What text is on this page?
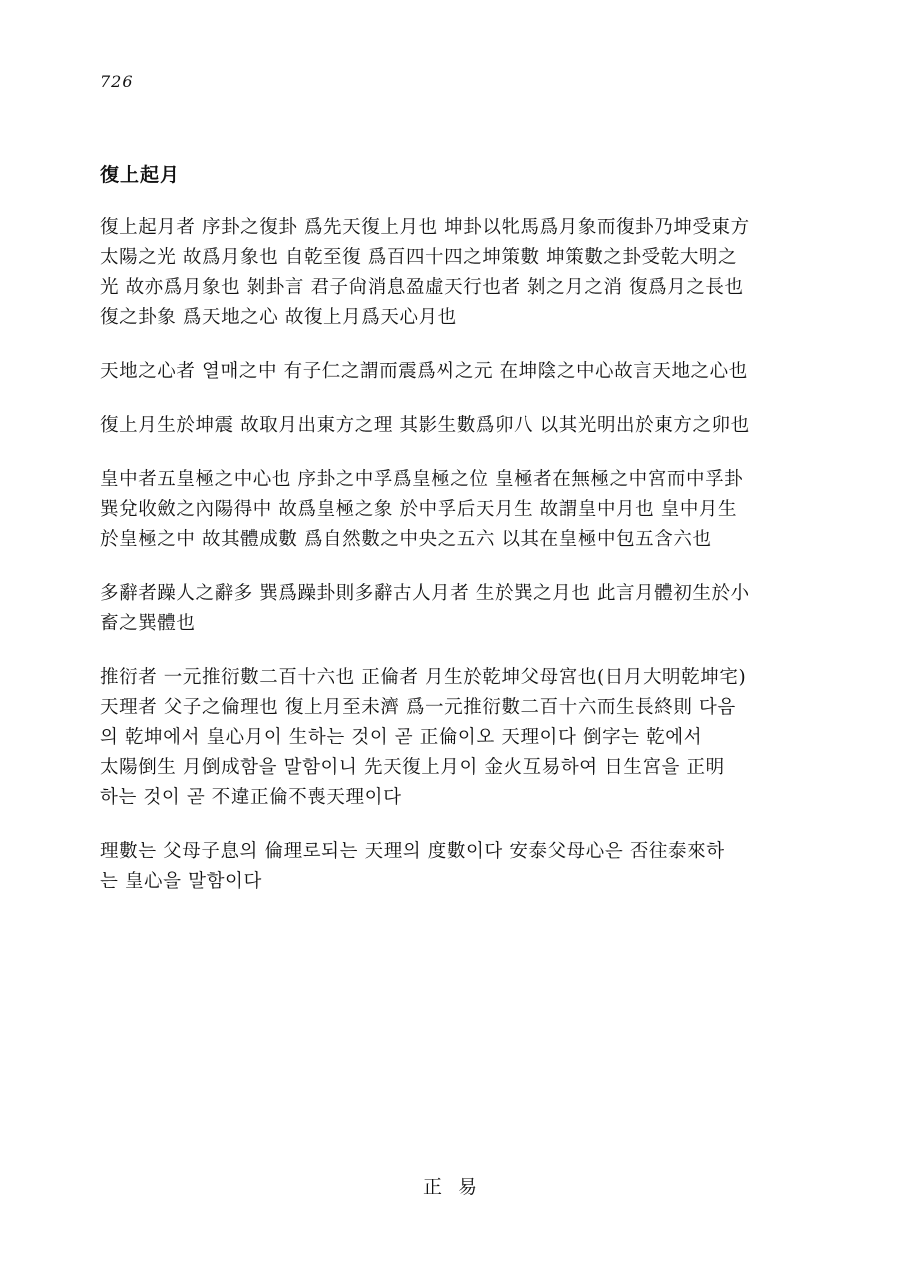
726
復上起月

復上起月者 序卦之復卦 爲先天復上月也 坤卦以牝馬爲月象而復卦乃坤受東方
太陽之光 故爲月象也 自乾至復 爲百四十四之坤策數 坤策數之卦受乾大明之
光 故亦爲月象也 剝卦言 君子尙消息盈虛天行也者 剝之月之消 復爲月之長也
復之卦象 爲天地之心 故復上月爲天心月也

天地之心者 열매之中 有子仁之謂而震爲씨之元 在坤陰之中心故言天地之心也

復上月生於坤震 故取月出東方之理 其影生數爲卯八 以其光明出於東方之卯也

皇中者五皇極之中心也 序卦之中孚爲皇極之位 皇極者在無極之中宮而中孚卦
巽兌收斂之內陽得中 故爲皇極之象 於中孚后天月生 故謂皇中月也 皇中月生
於皇極之中 故其體成數 爲自然數之中央之五六 以其在皇極中包五含六也

多辭者躁人之辭多 巽爲躁卦則多辭古人月者 生於巽之月也 此言月體初生於小
畜之巽體也

推衍者 一元推衍數二百十六也 正倫者 月生於乾坤父母宮也(日月大明乾坤宅)
天理者 父子之倫理也 復上月至未濟 爲一元推衍數二百十六而生長終則 다음
의 乾坤에서 皇心月이 生하는 것이 곧 正倫이오 天理이다 倒字는 乾에서
太陽倒生 月倒成함을 말함이니 先天復上月이 金火互易하여 日生宮을 正明
하는 것이 곧 不違正倫不喪天理이다

理數는 父母子息의 倫理로되는 天理의 度數이다 安泰父母心은 否往泰來하
는 皇心을 말함이다

正易
